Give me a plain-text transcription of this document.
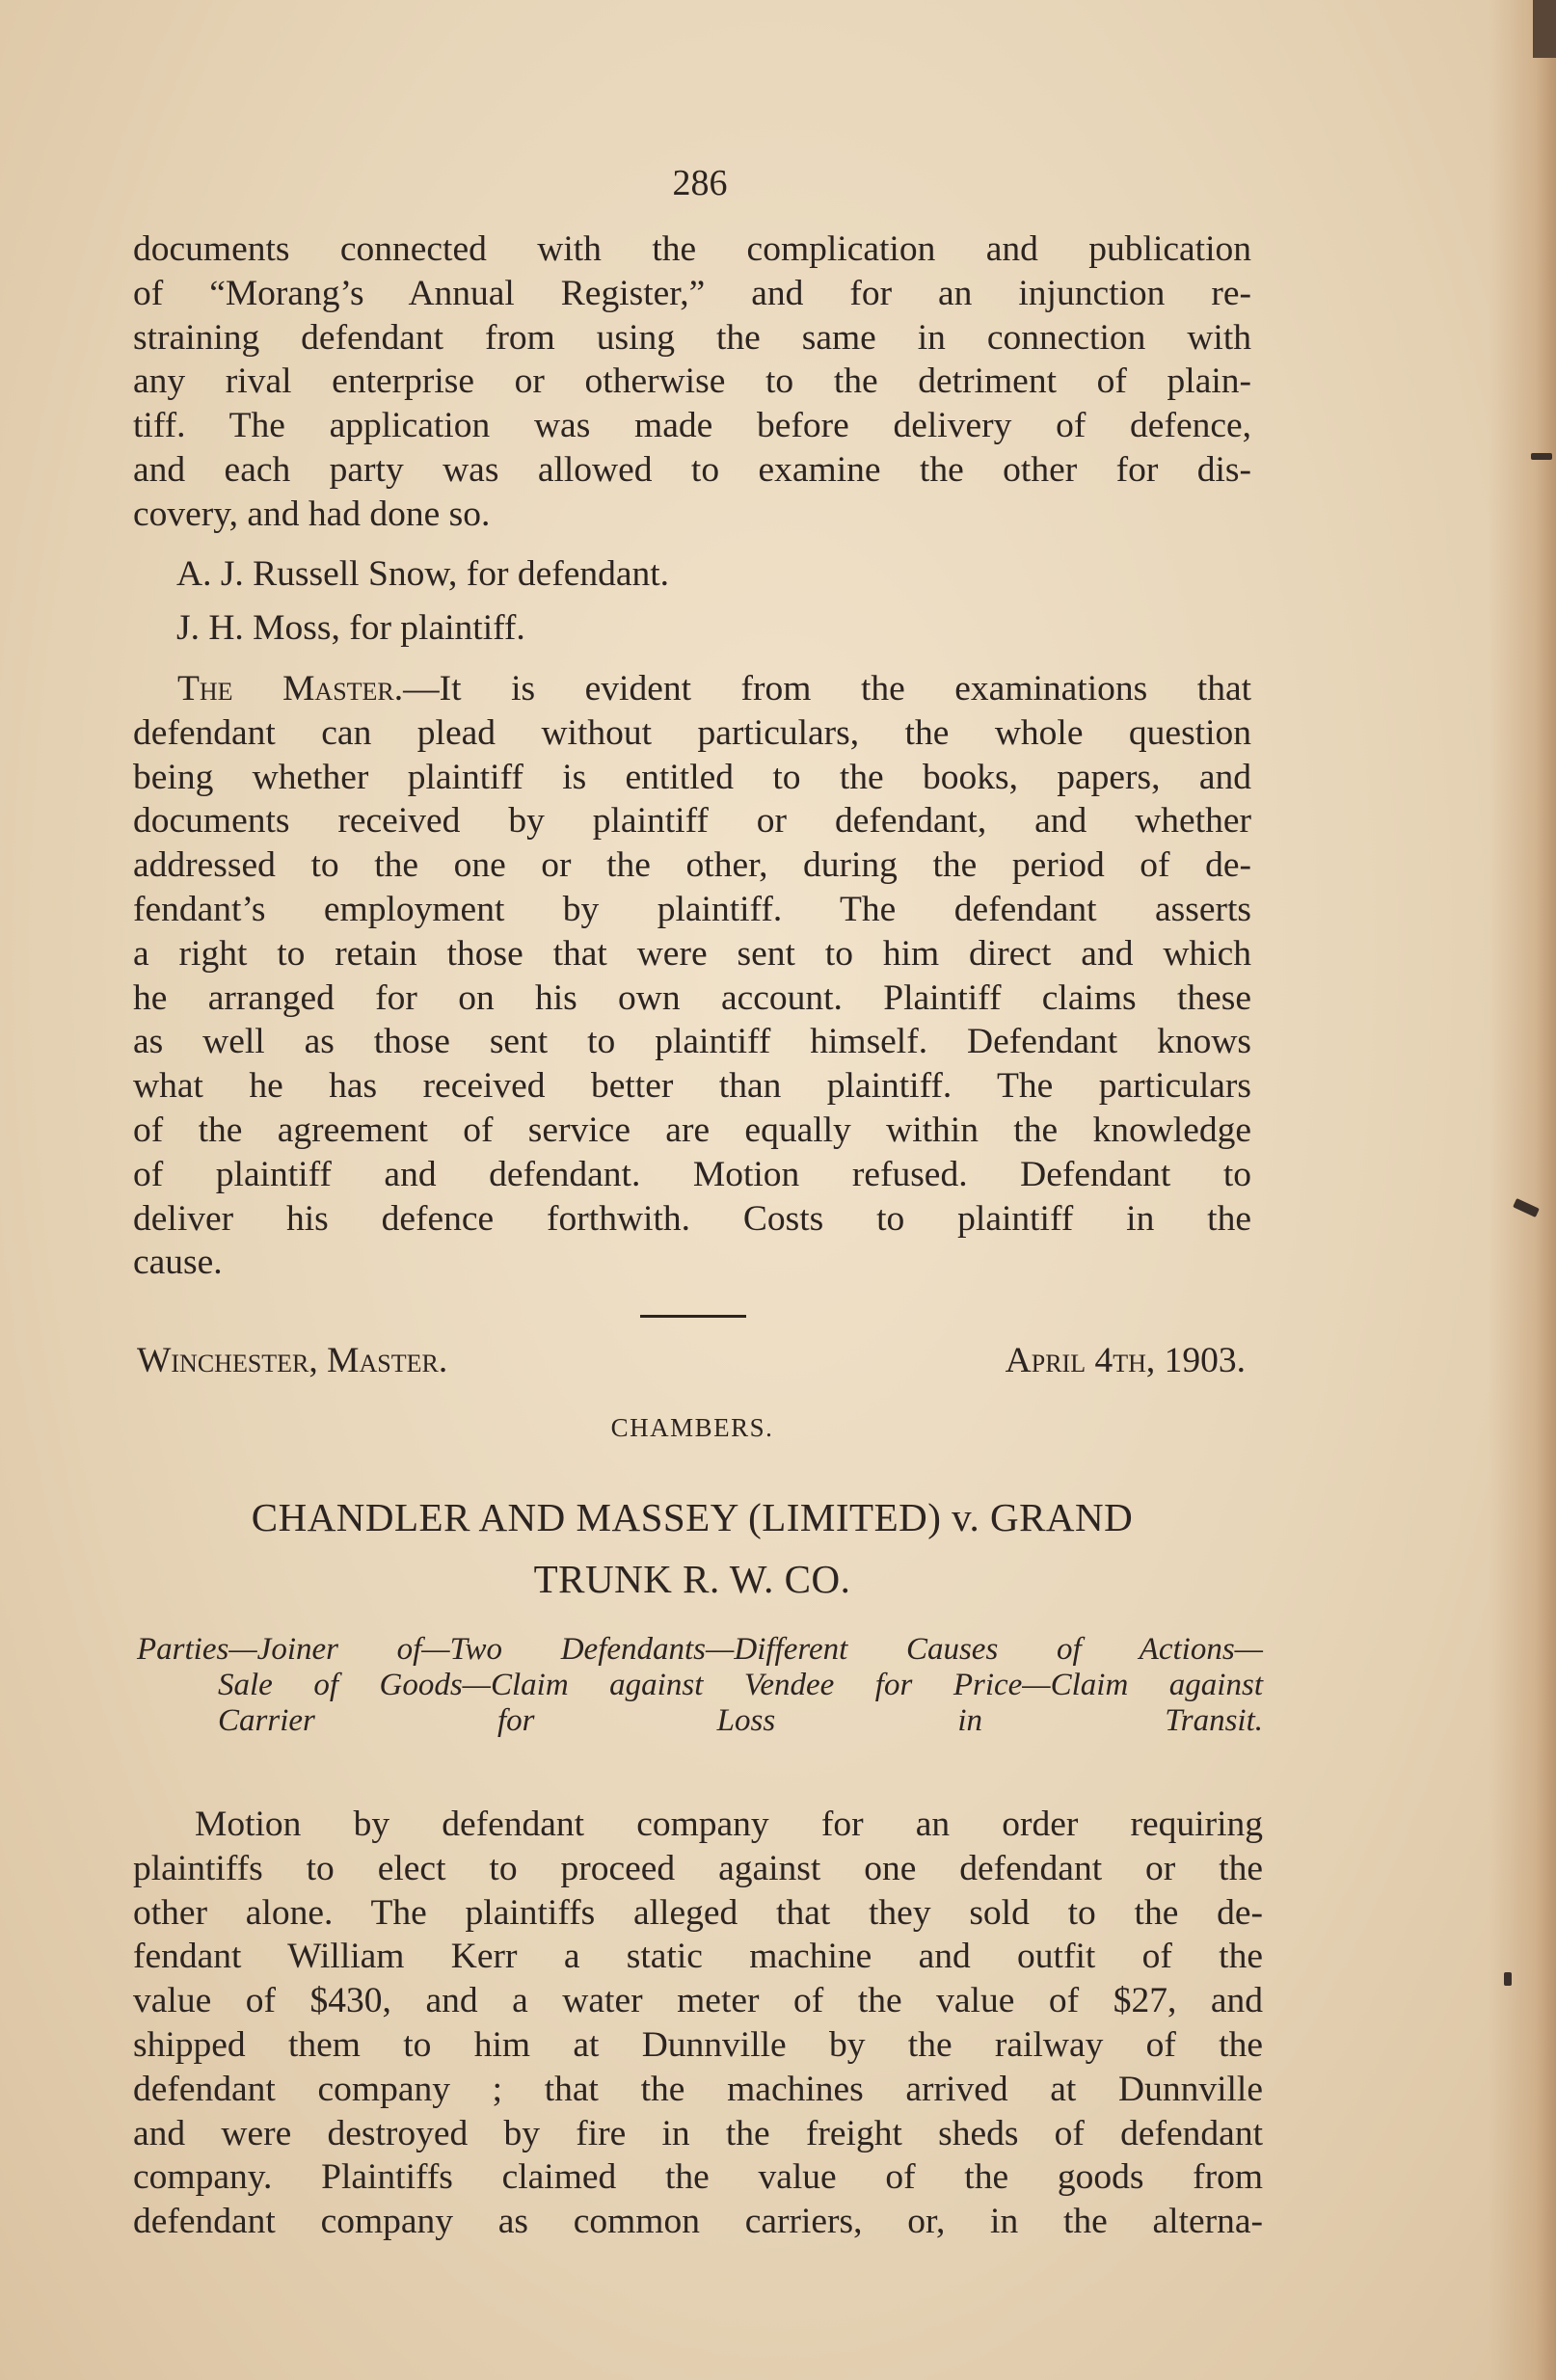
286
documents connected with the complication and publication
of “Morang’s Annual Register,” and for an injunction re-
straining defendant from using the same in connection with
any rival enterprise or otherwise to the detriment of plain-
tiff. The application was made before delivery of defence,
and each party was allowed to examine the other for dis-
covery, and had done so.
A. J. Russell Snow, for defendant.
J. H. Moss, for plaintiff.
The Master.—It is evident from the examinations that
defendant can plead without particulars, the whole question
being whether plaintiff is entitled to the books, papers, and
documents received by plaintiff or defendant, and whether
addressed to the one or the other, during the period of de-
fendant’s employment by plaintiff. The defendant asserts
a right to retain those that were sent to him direct and which
he arranged for on his own account. Plaintiff claims these
as well as those sent to plaintiff himself. Defendant knows
what he has received better than plaintiff. The particulars
of the agreement of service are equally within the knowledge
of plaintiff and defendant. Motion refused. Defendant to
deliver his defence forthwith. Costs to plaintiff in the
cause.
Winchester, Master.	April 4th, 1903.
CHAMBERS.
CHANDLER AND MASSEY (LIMITED) v. GRAND
TRUNK R. W. CO.
Parties—Joiner of—Two Defendants—Different Causes of Actions—
Sale of Goods—Claim against Vendee for Price—Claim against
Carrier for Loss in Transit.
Motion by defendant company for an order requiring
plaintiffs to elect to proceed against one defendant or the
other alone. The plaintiffs alleged that they sold to the de-
fendant William Kerr a static machine and outfit of the
value of $430, and a water meter of the value of $27, and
shipped them to him at Dunnville by the railway of the
defendant company ; that the machines arrived at Dunnville
and were destroyed by fire in the freight sheds of defendant
company. Plaintiffs claimed the value of the goods from
defendant company as common carriers, or, in the alterna-
